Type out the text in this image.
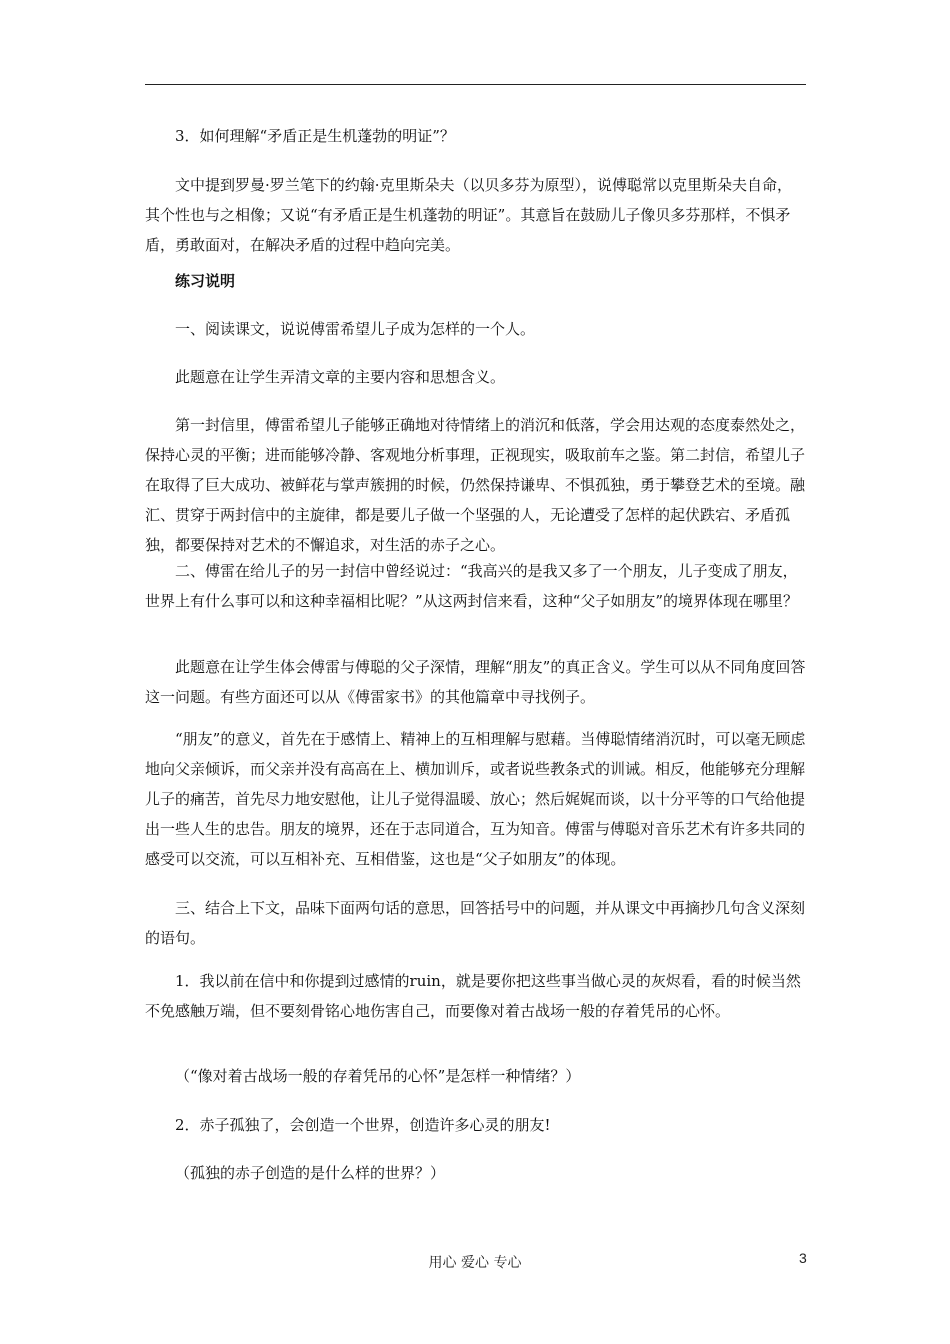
3．如何理解“矛盾正是生机蓬勃的明证”？

文中提到罗曼·罗兰笔下的约翰·克里斯朵夫（以贝多芬为原型），说傅聪常以克里斯朵夫自命，其个性也与之相像；又说“有矛盾正是生机蓬勃的明证”。其意旨在鼓励儿子像贝多芬那样，不惧矛盾，勇敢面对，在解决矛盾的过程中趋向完美。

练习说明

一、阅读课文，说说傅雷希望儿子成为怎样的一个人。

此题意在让学生弄清文章的主要内容和思想含义。

第一封信里，傅雷希望儿子能够正确地对待情绪上的消沉和低落，学会用达观的态度泰然处之，保持心灵的平衡；进而能够冷静、客观地分析事理，正视现实，吸取前车之鉴。第二封信，希望儿子在取得了巨大成功、被鲜花与掌声簇拥的时候，仍然保持谦卑、不惧孤独，勇于攀登艺术的至境。融汇、贯穿于两封信中的主旋律，都是要儿子做一个坚强的人，无论遭受了怎样的起伏跌宕、矛盾孤独，都要保持对艺术的不懈追求，对生活的赤子之心。

二、傅雷在给儿子的另一封信中曾经说过：“我高兴的是我又多了一个朋友，儿子变成了朋友，世界上有什么事可以和这种幸福相比呢？”从这两封信来看，这种“父子如朋友”的境界体现在哪里？

此题意在让学生体会傅雷与傅聪的父子深情，理解“朋友”的真正含义。学生可以从不同角度回答这一问题。有些方面还可以从《傅雷家书》的其他篇章中寻找例子。

“朋友”的意义，首先在于感情上、精神上的互相理解与慰藉。当傅聪情绪消沉时，可以毫无顾虑地向父亲倾诉，而父亲并没有高高在上、横加训斥，或者说些教条式的训诫。相反，他能够充分理解儿子的痛苦，首先尽力地安慰他，让儿子觉得温暖、放心；然后娓娓而谈，以十分平等的口气给他提出一些人生的忠告。朋友的境界，还在于志同道合，互为知音。傅雷与傅聪对音乐艺术有许多共同的感受可以交流，可以互相补充、互相借鉴，这也是“父子如朋友”的体现。

三、结合上下文，品味下面两句话的意思，回答括号中的问题，并从课文中再摘抄几句含义深刻的语句。

1．我以前在信中和你提到过感情的ruin，就是要你把这些事当做心灵的灰烬看，看的时候当然不免感触万端，但不要刻骨铭心地伤害自己，而要像对着古战场一般的存着凭吊的心怀。

（“像对着古战场一般的存着凭吊的心怀”是怎样一种情绪？）

2．赤子孤独了，会创造一个世界，创造许多心灵的朋友!

（孤独的赤子创造的是什么样的世界？）

用心 爱心 专心	3
